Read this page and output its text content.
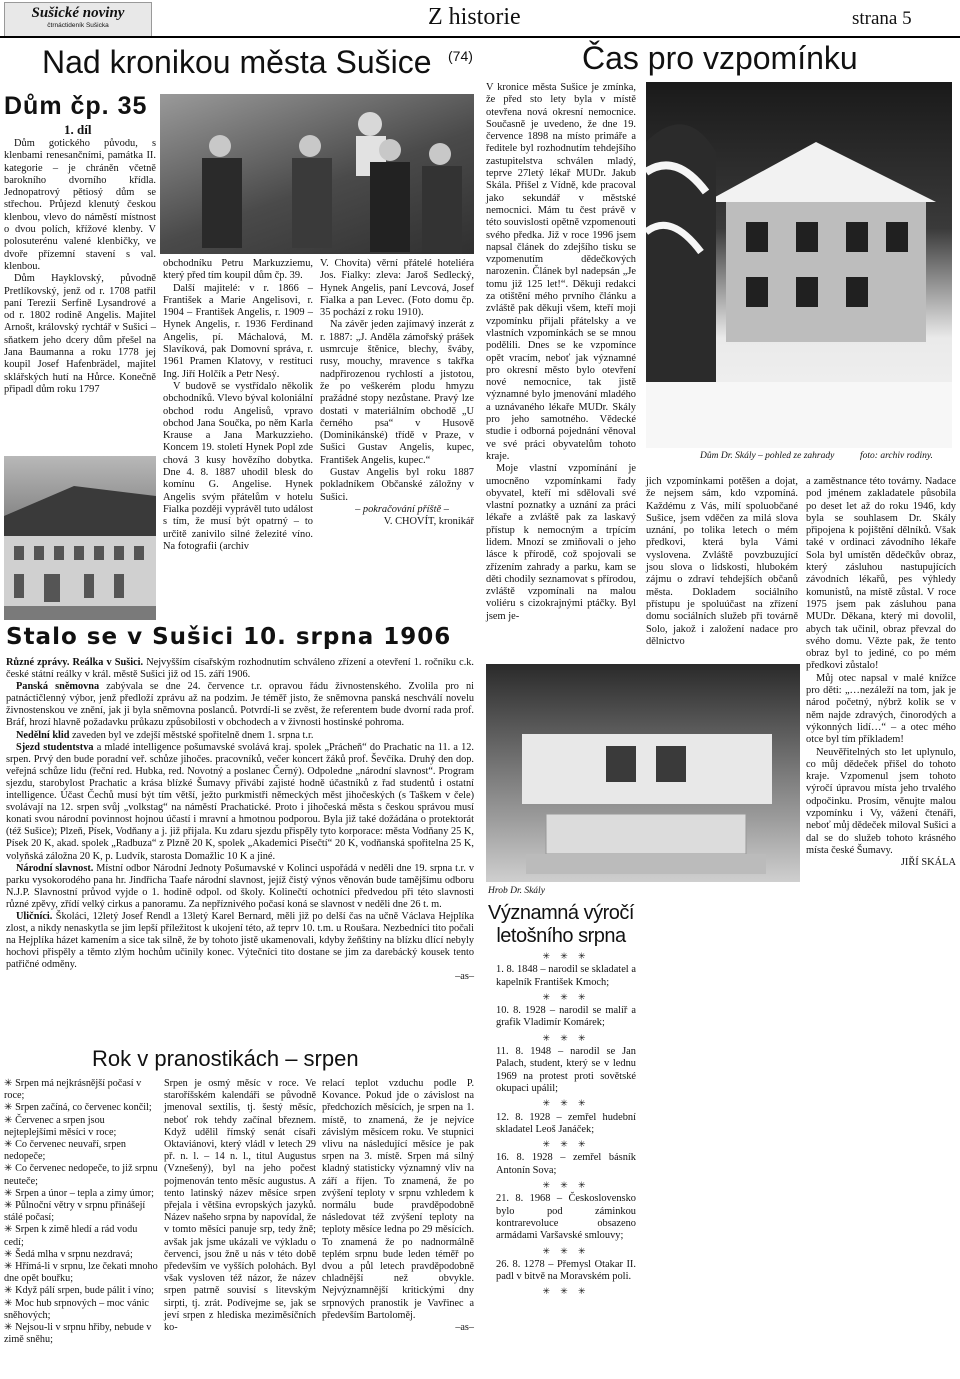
Sušické noviny
čtrnáctideník Sušicka	Z historie	strana 5
Nad kronikou města Sušice (74)
Dům čp. 35
1. díl

Dům gotického původu, s klenbami renesančními, památka II. kategorie – je chráněn včetně barokního dvorního křídla. Jednopatrový pětiosý dům se střechou. Průjezd klenutý českou klenbou, vlevo do náměstí místnost o dvou polích, křížové klenby. V polosuterénu valené klenbičky, ve dvoře přízemní stavení s val. klenbou.

Dům Hayklovský, původně Pretlíkovský, jenž od r. 1708 patřil paní Terezii Serfině Lysandrové a od r. 1802 rodině Angelis. Majitel Arnošt, královský rychtář v Sušici – sňatkem jeho dcery dům přešel na Jana Baumanna a roku 1778 jej koupil Josef Hafenbrädel, majitel sklářských hutí na Hůrce. Konečně připadl dům roku 1797

obchodníku Petru Markuzziemu, který před tím koupil dům čp. 39.

Další majitelé: v r. 1866 – František a Marie Angelisovi, r. 1904 – František Angelis, r. 1909 – Hynek Angelis, r. 1936 Ferdinand Angelis, pí. Máchalová, M. Slavíková, pak Domovní správa, r. 1961 Pramen Klatovy, v restituci Ing. Jiří Holčík a Petr Nesý.

V budově se vystřídalo několik obchodníků. Vlevo býval koloniální obchod rodu Angelisů, vpravo obchod Jana Součka, po něm Karla Krause a Jana Markuzzieho. Koncem 19. století Hynek Popl zde chová 3 kusy hovězího dobytka. Dne 4. 8. 1887 uhodil blesk do komínu G. Angelise. Hynek Angelis svým přátelům v hotelu Fialka později vyprávěl tuto událost s tím, že musí být opatrný – to určitě zanivilo silné železité víno. Na fotografii (archiv

V. Chovíta) věrní přátelé hoteliéra Jos. Fialky: zleva: Jaroš Sedlecký, Hynek Angelis, paní Levcová, Josef Fialka a pan Levec. (Foto domu čp. 35 pochází z roku 1910).

Na závěr jeden zajímavý inzerát z r. 1887: „J. Anděla zámořský prášek usmrcuje štěnice, blechy, šváby, rusy, mouchy, mravence s takřka nadpřirozenou rychlostí a jistotou, že po veškerém plodu hmyzu pražádné stopy nezůstane. Pravý lze dostati v materiálním obchodě „U černého psa“ v Husově (Dominikánské) třídě v Praze, v Sušici Gustav Angelis, kupec, František Angelis, kupec.“

Gustav Angelis byl roku 1887 pokladníkem Občanské záložny v Sušici.

– pokračování příště –

V. CHOVÍT, kronikář

Stalo se v Sušici 10. srpna 1906

Různé zprávy. Reálka v Sušici. Nejvyšším císařským rozhodnutím schváleno zřízení a otevření 1. ročníku c.k. české státní reálky v král. městě Sušici již od 15. září 1906.

Panská sněmovna zabývala se dne 24. července t.r. opravou řádu živnostenského. Zvolila pro ni patnáctičlenný výbor, jenž předloží zprávu až na podzim. Je téměř jisto, že sněmovna panská neschválí novelu živnostenskou ve znění, jak ji byla sněmovna poslanců. Potvrdí-li se zvěst, že referentem bude dvorní rada prof. Bráf, hrozí hlavně požadavku průkazu způsobilosti v obchodech a v živnosti hostinské pohroma.

Nedělní klid zaveden byl ve zdejší městské spořitelně dnem 1. srpna t.r.

Sjezd studentstva a mladé intelligence pošumavské svolává kraj. spolek „Prácheň“ do Prachatic na 11. a 12. srpen. Prvý den bude poradní veř. schůze jihočes. pracovníků, večer koncert žáků prof. Ševčíka. Druhý den dop. veřejná schůze lidu (řeční red. Hubka, red. Novotný a poslanec Černý). Odpoledne „národní slavnost“. Program sjezdu, starobylost Prachatic a krása blízké Šumavy přivábí zajisté hodně účastníků z řad studentů i ostatní intelligence. Účast Čechů musí být tím větší, ježto purkmistři německých měst jihočeských (s Taškem v čele) svolávají na 12. srpen svůj „volkstag“ na náměstí Prachatické. Proto i jihočeská města s českou správou musí konati svou národní povinnost hojnou účastí i mravní a hmotnou podporou. Byla již také dožádána o protektorát (též Sušice); Plzeň, Písek, Vodňany a j. již přijala. Ku zdaru sjezdu přispěly tyto korporace: města Vodňany 25 K, Písek 20 K, akad. spolek „Radbuza“ z Plzně 20 K, spolek „Akademici Písečtí“ 20 K, vodňanská spořitelna 25 K, volyňská záložna 20 K, p. Ludvík, starosta Domažlic 10 K a jiné.

Národní slavnost. Místní odbor Národní Jednoty Pošumavské v Kolinci uspořádá v neděli dne 19. srpna t.r. v parku vysokorodého pana hr. Jindřicha Taafe národní slavnost, jejíž čistý výnos věnován bude tamějšímu odboru N.J.P. Slavnostní průvod vyjde o 1. hodině odpol. od školy. Kolinečtí ochotníci předvedou při této slavnosti různé zpěvy, zřídí velký cirkus a panoramu. Za nepříznivého počasí koná se slavnost v neděli dne 26 t. m.

Uličníci. Školáci, 12letý Josef Rendl a 13letý Karel Bernard, měli již po delší čas na učně Václava Hejplíka zlost, a nikdy nenaskytla se jim lepší příležitost k ukojení této, až teprv 10. t.m. u Roušara. Nezbedníci tito počali na Hejplíka házet kamením a sice tak silně, že by tohoto jistě ukamenovali, kdyby žeňštiny na blízku dlící nebyly hochovi přispěly a těmto zlým hochům učinily konec. Výtečníci tito dostane se jim za darebácký kousek tento patřičné odměny.

–as–

Rok v pranostikách – srpen
✳ Srpen má nejkrásnější počasí v roce;
✳ Srpen začíná, co červenec končil;
✳ Červenec a srpen jsou nejteplejšími měsíci v roce;
✳ Co červenec neuvaří, srpen nedopeče;
✳ Co červenec nedopeče, to již srpnu neuteče;
✳ Srpen a únor – tepla a zimy úmor;
✳ Půlnoční větry v srpnu přinášejí stálé počasí;
✳ Srpen k zimě hledí a rád vodu cedí;
✳ Šedá mlha v srpnu nezdravá;
✳ Hřímá-li v srpnu, lze čekati mnoho dne opět bouřku;
✳ Když pálí srpen, bude pálit i víno;
✳ Moc hub srpnových – moc vánic sněhových;
✳ Nejsou-li v srpnu hřiby, nebude v zimě sněhu;

Srpen je osmý měsíc v roce. Ve staroříšském kalendáři se původně jmenoval sextilis, tj. šestý měsíc, neboť rok tehdy začínal březnem. Když udělil římský senát císaři Oktaviánovi, který vládl v letech 29 př. n. l. – 14 n. l., titul Augustus (Vznešený), byl na jeho počest pojmenován tento měsíc augustus. A tento latinský název měsíce srpen přejala i většina evropských jazyků. Název našeho srpna by napovídal, že v tomto měsíci panuje srp, tedy žně; avšak jak jsme ukázali ve výkladu o červenci, jsou žně u nás v této době především ve vyšších polohách. Byl však vysloven též názor, že název srpen patrně souvisí s litevským sirpti, tj. zrát. Podívejme se, jak se jeví srpen z hlediska meziměsíčních ko-

relací teplot vzduchu podle P. Kovance. Pokud jde o závislost na předchozích měsících, je srpen na 1. místě, to znamená, že je nejvíce závislým měsícem roku. Ve stupnici vlivu na následující měsíce je pak srpen na 3. místě. Srpen má silný kladný statisticky významný vliv na září a říjen. To znamená, že po zvýšení teploty v srpnu vzhledem k normálu bude pravděpodobně následovat též zvýšení teploty na teploty měsíce ledna po 29 měsících. To znamená že po nadnormálně teplém srpnu bude leden téměř po dvou a půl letech pravděpodobně chladnější než obvykle. Nejvýznamnější kritickými dny srpnových pranostik je Vavřinec a především Bartoloměj.

–as–

Čas pro vzpomínku

V kronice města Sušice je zmínka, že před sto lety byla v místě otevřena nová okresní nemocnice. Současně je uvedeno, že dne 19. července 1898 na místo primáře a ředitele byl rozhodnutím tehdejšího zastupitelstva schválen mladý, teprve 27letý lékař MUDr. Jakub Skála. Přišel z Vídně, kde pracoval jako sekundář v městské nemocnici. Mám tu čest právě v této souvislosti opětně vzpomenouti svého předka. Již v roce 1996 jsem napsal článek do zdejšího tisku se vzpomenutím dědečkových narozenin. Článek byl nadepsán „Je tomu již 125 let!“. Děkuji redakci za otištění mého prvního článku a zvláště pak děkuji všem, kteří moji vzpomínku přijali přátelsky a ve vlastních vzpomínkách se se mnou podělili. Dnes se ke vzpomínce opět vracím, neboť jak významné pro okresní město bylo otevření nové nemocnice, tak jistě významné bylo jmenování mladého a uznávaného lékaře MUDr. Skály pro jeho samotného. Vědecké studie i odborná pojednání věnoval ve své práci obyvatelům tohoto kraje.

Moje vlastní vzpomínání je umocněno vzpomínkami řady obyvatel, kteří mi sdělovali své vlastní poznatky a uznání za práci lékaře a zvláště pak za laskavý přístup k nemocným a trpícím lidem. Mnozí se zmiňovali o jeho lásce k přírodě, což spojovali se zřízením zahrady a parku, kam se děti chodily seznamovat s přírodou, zvláště vzpomínali na malou voliéru s cizokrajnými ptáčky. Byl jsem je-

Dům Dr. Skály – pohled ze zahrady	foto: archiv rodiny.

jich vzpomínkami potěšen a dojat, že nejsem sám, kdo vzpomíná. Každému z Vás, milí spoluobčané Sušice, jsem vděčen za milá slova uznání, po tolika letech o mém předkovi, která byla Vámi vyslovena. Zvláště povzbuzující jsou slova o lidskosti, hlubokém zájmu o zdraví tehdejších občanů města. Dokladem sociálního přístupu je spoluúčast na zřízení domu sociálních služeb při továrně Solo, jakož i založení nadace pro dělnictvo

a zaměstnance této továrny. Nadace pod jménem zakladatele působila po deset let až do roku 1946, kdy byla se souhlasem Dr. Skály připojena k pojištění dělníků. Však také v ordinaci závodního lékaře Sola byl umístěn dědečkův obraz, který zásluhou nastupujících závodních lékařů, pes výhledy komunistů, na místě zůstal. V roce 1975 jsem pak zásluhou pana MUDr. Děkana, který mi dovolil, abych tak učinil, obraz převzal do svého domu. Vězte pak, že tento obraz byl to jediné, co po mém předkovi zůstalo!

Můj otec napsal v malé knížce pro děti: „…nezáleží na tom, jak je národ početný, nýbrž kolik se v něm najde zdravých, činorodých a výkonných lidí…“ – a otec mého otce byl tím příkladem!

Neuvěřitelných sto let uplynulo, co můj dědeček přišel do tohoto kraje. Vzpomenul jsem tohoto výročí úpravou místa jeho trvalého odpočinku. Prosím, věnujte malou vzpomínku i Vy, vážení čtenáři, neboť můj dědeček miloval Sušici a dal se do služeb tohoto krásného místa české Šumavy.

JIŘÍ SKÁLA

Hrob Dr. Skály
Významná výročí
letošního srpna
✳ ✳ ✳

1. 8. 1848 – narodil se skladatel a kapelník František Kmoch;

✳ ✳ ✳

10. 8. 1928 – narodil se malíř a grafik Vladimír Komárek;

✳ ✳ ✳

11. 8. 1948 – narodil se Jan Palach, student, který se v lednu 1969 na protest proti sovětské okupaci upálil;

✳ ✳ ✳

12. 8. 1928 – zemřel hudební skladatel Leoš Janáček;

✳ ✳ ✳

16. 8. 1928 – zemřel básník Antonín Sova;

✳ ✳ ✳

21. 8. 1968 – Československo bylo pod záminkou kontrarevoluce obsazeno armádami Varšavské smlouvy;

✳ ✳ ✳

26. 8. 1278 – Přemysl Otakar II. padl v bitvě na Moravském poli.

✳ ✳ ✳
